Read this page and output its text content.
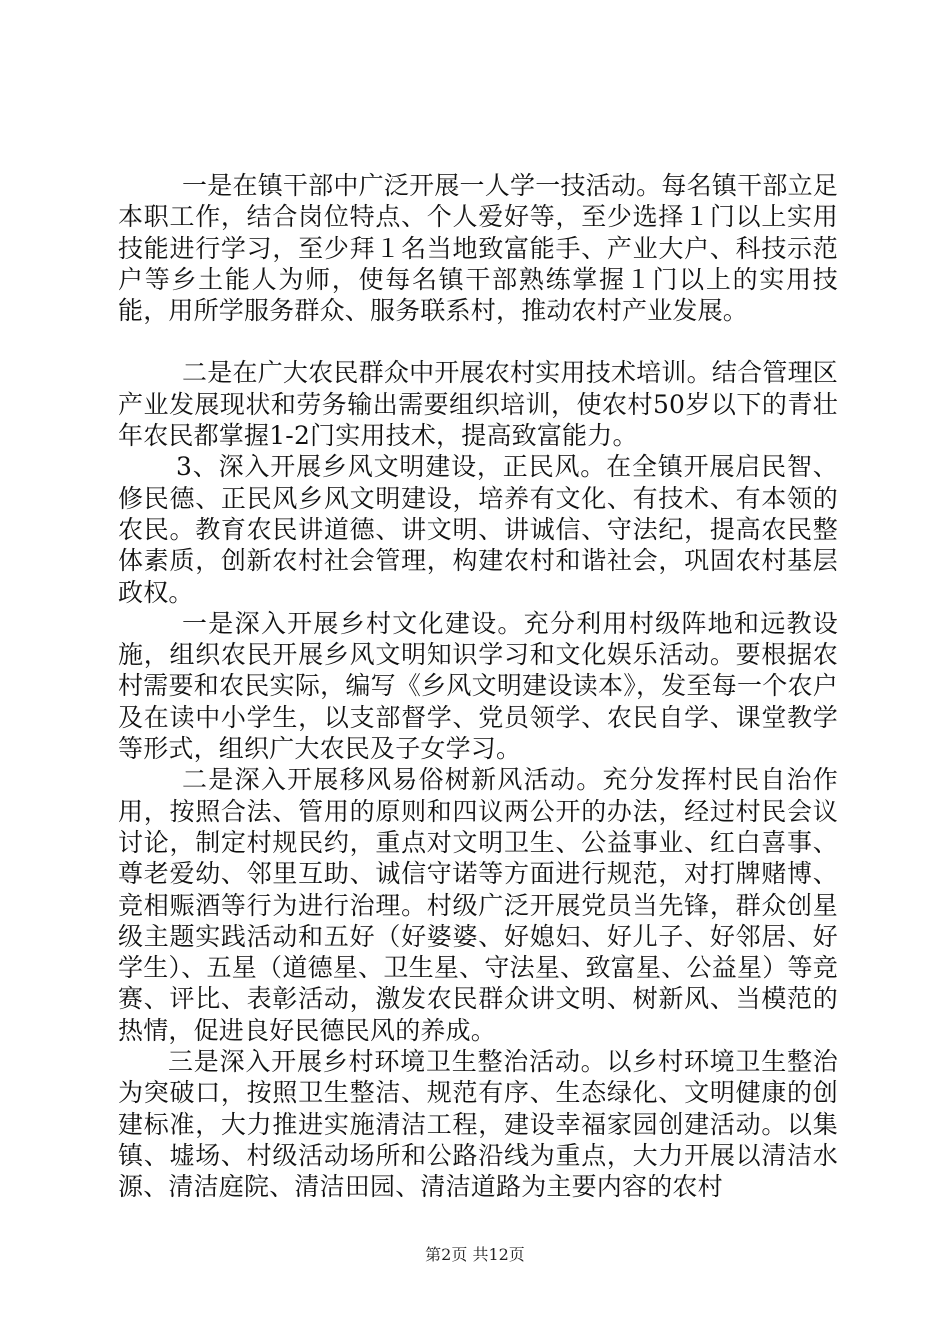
一是在镇干部中广泛开展一人学一技活动。每名镇干部立足本职工作，结合岗位特点、个人爱好等，至少选择１门以上实用技能进行学习，至少拜１名当地致富能手、产业大户、科技示范户等乡土能人为师，使每名镇干部熟练掌握１门以上的实用技能，用所学服务群众、服务联系村，推动农村产业发展。

二是在广大农民群众中开展农村实用技术培训。结合管理区产业发展现状和劳务输出需要组织培训，使农村50岁以下的青壮年农民都掌握1-2门实用技术，提高致富能力。

3、深入开展乡风文明建设，正民风。在全镇开展启民智、修民德、正民风乡风文明建设，培养有文化、有技术、有本领的农民。教育农民讲道德、讲文明、讲诚信、守法纪，提高农民整体素质，创新农村社会管理，构建农村和谐社会，巩固农村基层政权。

一是深入开展乡村文化建设。充分利用村级阵地和远教设施，组织农民开展乡风文明知识学习和文化娱乐活动。要根据农村需要和农民实际，编写《乡风文明建设读本》，发至每一个农户及在读中小学生，以支部督学、党员领学、农民自学、课堂教学等形式，组织广大农民及子女学习。

二是深入开展移风易俗树新风活动。充分发挥村民自治作用，按照合法、管用的原则和四议两公开的办法，经过村民会议讨论，制定村规民约，重点对文明卫生、公益事业、红白喜事、尊老爱幼、邻里互助、诚信守诺等方面进行规范，对打牌赌博、竞相赈酒等行为进行治理。村级广泛开展党员当先锋，群众创星级主题实践活动和五好（好婆婆、好媳妇、好儿子、好邻居、好学生）、五星（道德星、卫生星、守法星、致富星、公益星）等竞赛、评比、表彰活动，激发农民群众讲文明、树新风、当模范的热情，促进良好民德民风的养成。

三是深入开展乡村环境卫生整治活动。以乡村环境卫生整治为突破口，按照卫生整洁、规范有序、生态绿化、文明健康的创建标准，大力推进实施清洁工程，建设幸福家园创建活动。以集镇、墟场、村级活动场所和公路沿线为重点，大力开展以清洁水源、清洁庭院、清洁田园、清洁道路为主要内容的农村

第2页 共12页
